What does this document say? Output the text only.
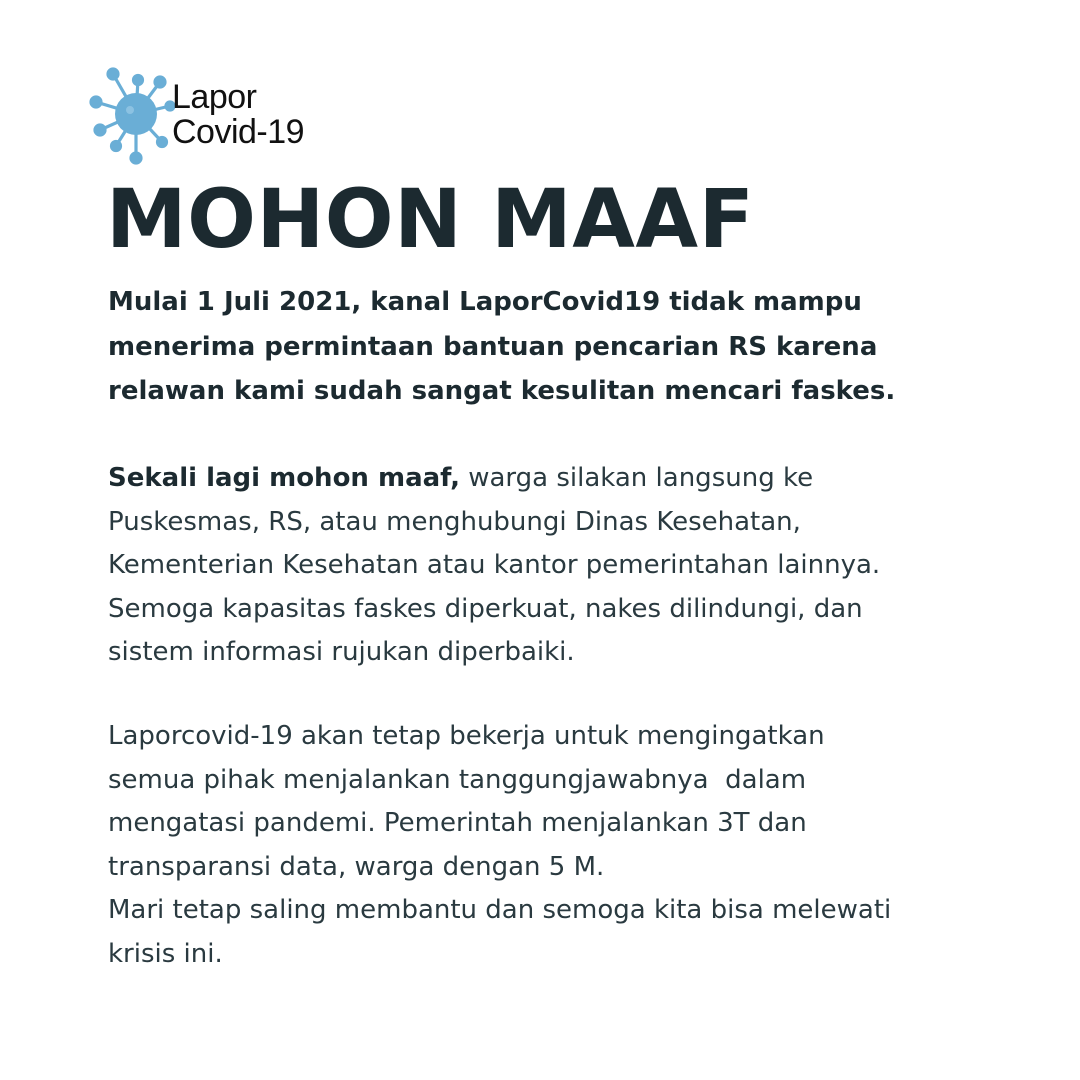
Lapor
Covid-19
MOHON MAAF

Mulai 1 Juli 2021, kanal LaporCovid19 tidak mampu
menerima permintaan bantuan pencarian RS karena
relawan kami sudah sangat kesulitan mencari faskes.

Sekali lagi mohon maaf, warga silakan langsung ke
Puskesmas, RS, atau menghubungi Dinas Kesehatan,
Kementerian Kesehatan atau kantor pemerintahan lainnya.
Semoga kapasitas faskes diperkuat, nakes dilindungi, dan
sistem informasi rujukan diperbaiki.

Laporcovid-19 akan tetap bekerja untuk mengingatkan
semua pihak menjalankan tanggungjawabnya  dalam
mengatasi pandemi. Pemerintah menjalankan 3T dan
transparansi data, warga dengan 5 M.
Mari tetap saling membantu dan semoga kita bisa melewati
krisis ini.
